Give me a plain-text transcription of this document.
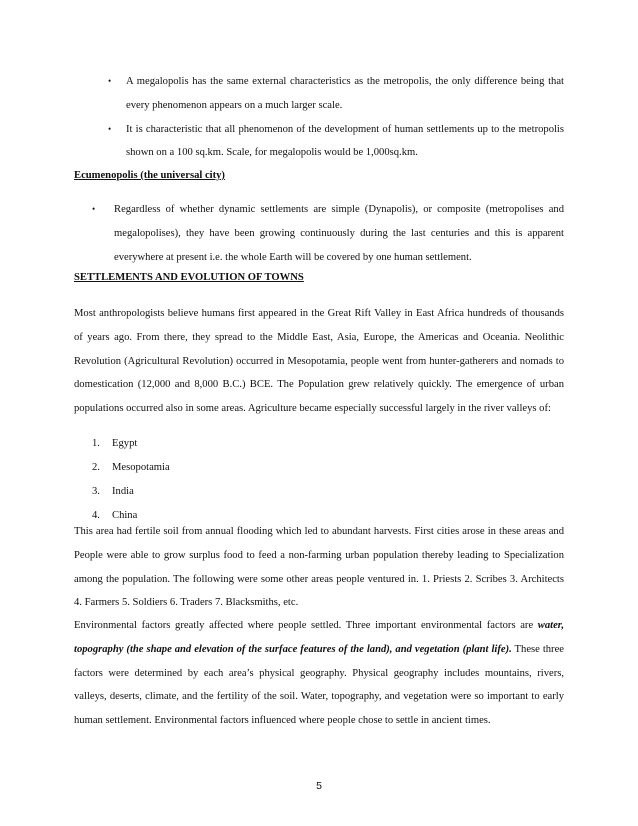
• A megalopolis has the same external characteristics as the metropolis, the only difference being that every phenomenon appears on a much larger scale.
• It is characteristic that all phenomenon of the development of human settlements up to the metropolis shown on a 100 sq.km. Scale, for megalopolis would be 1,000sq.km.
Ecumenopolis (the universal city)
• Regardless of whether dynamic settlements are simple (Dynapolis), or composite (metropolises and megalopolises), they have been growing continuously during the last centuries and this is apparent everywhere at present i.e. the whole Earth will be covered by one human settlement.
SETTLEMENTS AND EVOLUTION OF TOWNS

Most anthropologists believe humans first appeared in the Great Rift Valley in East Africa hundreds of thousands of years ago. From there, they spread to the Middle East, Asia, Europe, the Americas and Oceania. Neolithic Revolution (Agricultural Revolution) occurred in Mesopotamia, people went from hunter-gatherers and nomads to domestication (12,000 and 8,000 B.C.) BCE. The Population grew relatively quickly. The emergence of urban populations occurred also in some areas. Agriculture became especially successful largely in the river valleys of:

1.	Egypt
2.	Mesopotamia
3.	India
4.	China

This area had fertile soil from annual flooding which led to abundant harvests. First cities arose in these areas and People were able to grow surplus food to feed a non-farming urban population thereby leading to Specialization among the population. The following were some other areas people ventured in. 1. Priests 2. Scribes 3. Architects 4. Farmers 5. Soldiers 6. Traders 7. Blacksmiths, etc.

Environmental factors greatly affected where people settled. Three important environmental factors are water, topography (the shape and elevation of the surface features of the land), and vegetation (plant life). These three factors were determined by each area’s physical geography. Physical geography includes mountains, rivers, valleys, deserts, climate, and the fertility of the soil. Water, topography, and vegetation were so important to early human settlement. Environmental factors influenced where people chose to settle in ancient times.

5
